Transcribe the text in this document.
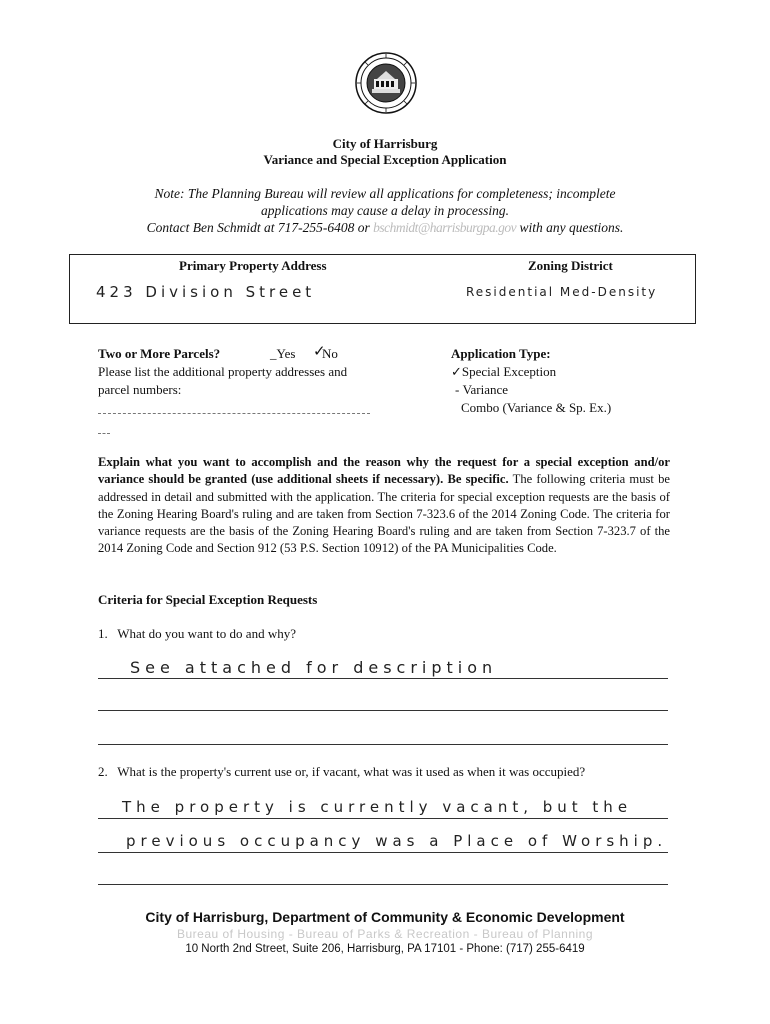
City of Harrisburg
Variance and Special Exception Application
Note: The Planning Bureau will review all applications for completeness; incomplete
applications may cause a delay in processing.
Contact Ben Schmidt at 717-255-6408 or bschmidt@harrisburgpa.gov with any questions.
Primary Property Address	Zoning District
423 Division Street	Residential Med-Density
Two or More Parcels?	_Yes ✓
No
Please list the additional property addresses and
parcel numbers:
Application Type:
✓Special Exception
- Variance
Combo (Variance & Sp. Ex.)
Explain what you want to accomplish and the reason why the request for a special exception and/or variance should be granted (use additional sheets if necessary). Be specific. The following criteria must be addressed in detail and submitted with the application. The criteria for special exception requests are the basis of the Zoning Hearing Board's ruling and are taken from Section 7-323.6 of the 2014 Zoning Code. The criteria for variance requests are the basis of the Zoning Hearing Board's ruling and are taken from Section 7-323.7 of the 2014 Zoning Code and Section 912 (53 P.S. Section 10912) of the PA Municipalities Code.
Criteria for Special Exception Requests
1.   What do you want to do and why?
See attached for description
2.   What is the property's current use or, if vacant, what was it used as when it was occupied?
The property is currently vacant, but the
previous occupancy was a Place of Worship.
City of Harrisburg, Department of Community & Economic Development
Bureau of Housing - Bureau of Parks & Recreation - Bureau of Planning
10 North 2nd Street, Suite 206, Harrisburg, PA 17101 - Phone: (717) 255-6419
